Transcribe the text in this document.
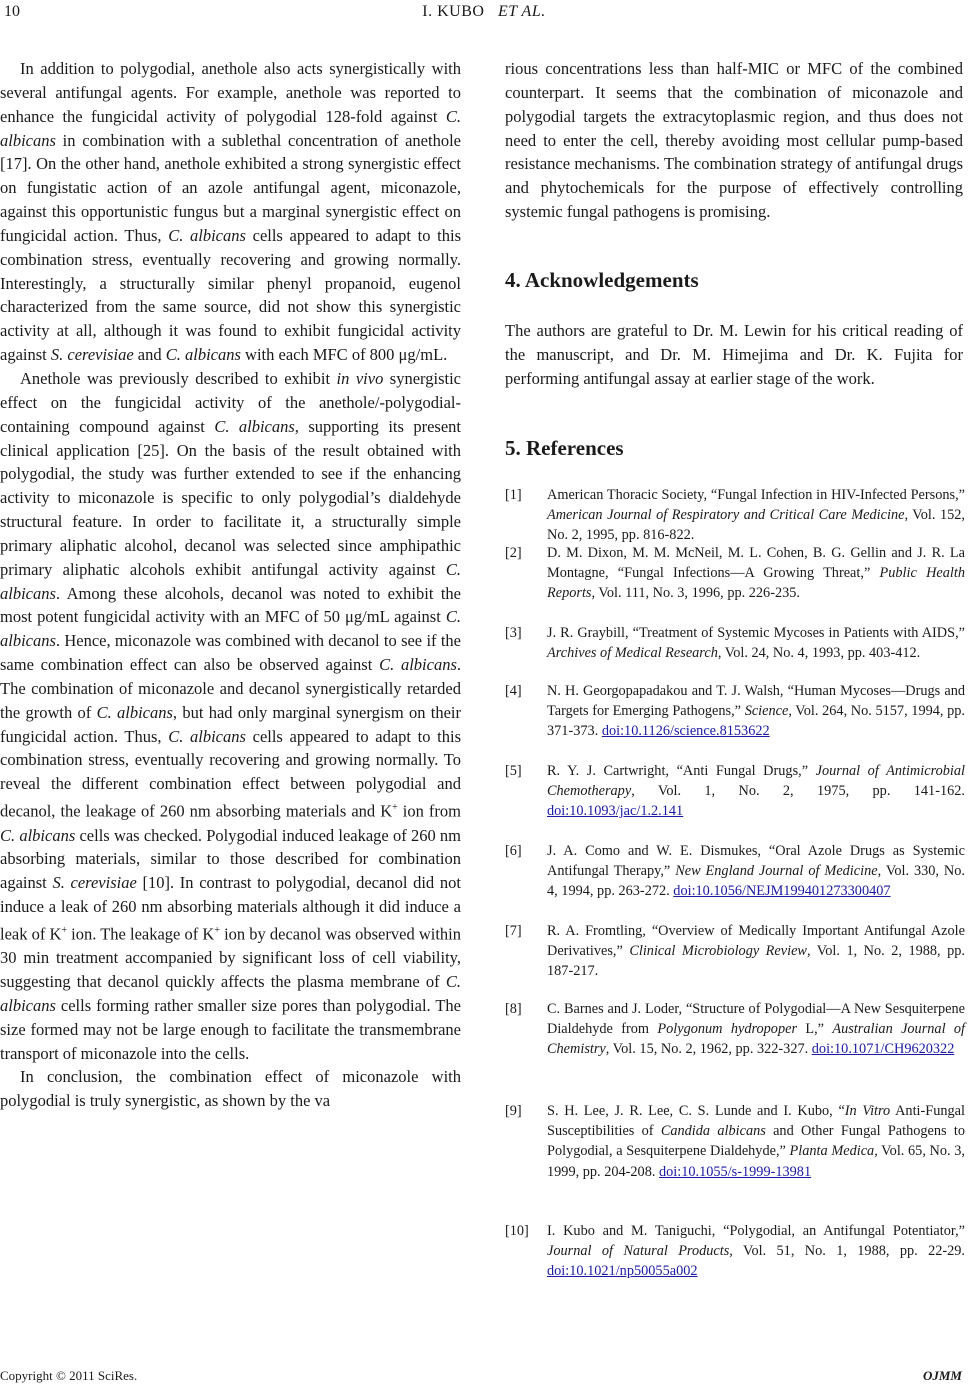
10	I. KUBO ET AL.

In addition to polygodial, anethole also acts synergistically with several antifungal agents. For example, anethole was reported to enhance the fungicidal activity of polygodial 128-fold against C. albicans in combination with a sublethal concentration of anethole [17]. On the other hand, anethole exhibited a strong synergistic effect on fungistatic action of an azole antifungal agent, miconazole, against this opportunistic fungus but a marginal synergistic effect on fungicidal action. Thus, C. albicans cells appeared to adapt to this combination stress, eventually recovering and growing normally. Interestingly, a structurally similar phenyl propanoid, eugenol characterized from the same source, did not show this synergistic activity at all, although it was found to exhibit fungicidal activity against S. cerevisiae and C. albicans with each MFC of 800 μg/mL.

Anethole was previously described to exhibit in vivo synergistic effect on the fungicidal activity of the anethole/-polygodial-containing compound against C. albicans, supporting its present clinical application [25]. On the basis of the result obtained with polygodial, the study was further extended to see if the enhancing activity to miconazole is specific to only polygodial’s dialdehyde structural feature. In order to facilitate it, a structurally simple primary aliphatic alcohol, decanol was selected since amphipathic primary aliphatic alcohols exhibit antifungal activity against C. albicans. Among these alcohols, decanol was noted to exhibit the most potent fungicidal activity with an MFC of 50 μg/mL against C. albicans. Hence, miconazole was combined with decanol to see if the same combination effect can also be observed against C. albicans. The combination of miconazole and decanol synergistically retarded the growth of C. albicans, but had only marginal synergism on their fungicidal action. Thus, C. albicans cells appeared to adapt to this combination stress, eventually recovering and growing normally. To reveal the different combination effect between polygodial and decanol, the leakage of 260 nm absorbing materials and K+ ion from C. albicans cells was checked. Polygodial induced leakage of 260 nm absorbing materials, similar to those described for combination against S. cerevisiae [10]. In contrast to polygodial, decanol did not induce a leak of 260 nm absorbing materials although it did induce a leak of K+ ion. The leakage of K+ ion by decanol was observed within 30 min treatment accompanied by significant loss of cell viability, suggesting that decanol quickly affects the plasma membrane of C. albicans cells forming rather smaller size pores than polygodial. The size formed may not be large enough to facilitate the transmembrane transport of miconazole into the cells.

In conclusion, the combination effect of miconazole with polygodial is truly synergistic, as shown by the va

rious concentrations less than half-MIC or MFC of the combined counterpart. It seems that the combination of miconazole and polygodial targets the extracytoplasmic region, and thus does not need to enter the cell, thereby avoiding most cellular pump-based resistance mechanisms. The combination strategy of antifungal drugs and phytochemicals for the purpose of effectively controlling systemic fungal pathogens is promising.

4. Acknowledgements

The authors are grateful to Dr. M. Lewin for his critical reading of the manuscript, and Dr. M. Himejima and Dr. K. Fujita for performing antifungal assay at earlier stage of the work.

5. References
[1] American Thoracic Society, “Fungal Infection in HIV-Infected Persons,” American Journal of Respiratory and Critical Care Medicine, Vol. 152, No. 2, 1995, pp. 816-822.
[2] D. M. Dixon, M. M. McNeil, M. L. Cohen, B. G. Gellin and J. R. La Montagne, “Fungal Infections—A Growing Threat,” Public Health Reports, Vol. 111, No. 3, 1996, pp. 226-235.
[3] J. R. Graybill, “Treatment of Systemic Mycoses in Patients with AIDS,” Archives of Medical Research, Vol. 24, No. 4, 1993, pp. 403-412.
[4] N. H. Georgopapadakou and T. J. Walsh, “Human Mycoses—Drugs and Targets for Emerging Pathogens,” Science, Vol. 264, No. 5157, 1994, pp. 371-373. doi:10.1126/science.8153622
[5] R. Y. J. Cartwright, “Anti Fungal Drugs,” Journal of Antimicrobial Chemotherapy, Vol. 1, No. 2, 1975, pp. 141-162. doi:10.1093/jac/1.2.141
[6] J. A. Como and W. E. Dismukes, “Oral Azole Drugs as Systemic Antifungal Therapy,” New England Journal of Medicine, Vol. 330, No. 4, 1994, pp. 263-272. doi:10.1056/NEJM199401273300407
[7] R. A. Fromtling, “Overview of Medically Important Antifungal Azole Derivatives,” Clinical Microbiology Review, Vol. 1, No. 2, 1988, pp. 187-217.
[8] C. Barnes and J. Loder, “Structure of Polygodial—A New Sesquiterpene Dialdehyde from Polygonum hydropoper L,” Australian Journal of Chemistry, Vol. 15, No. 2, 1962, pp. 322-327. doi:10.1071/CH9620322
[9] S. H. Lee, J. R. Lee, C. S. Lunde and I. Kubo, “In Vitro Anti-Fungal Susceptibilities of Candida albicans and Other Fungal Pathogens to Polygodial, a Sesquiterpene Dialdehyde,” Planta Medica, Vol. 65, No. 3, 1999, pp. 204-208. doi:10.1055/s-1999-13981
[10] I. Kubo and M. Taniguchi, “Polygodial, an Antifungal Potentiator,” Journal of Natural Products, Vol. 51, No. 1, 1988, pp. 22-29. doi:10.1021/np50055a002
Copyright © 2011 SciRes.	OJMM
